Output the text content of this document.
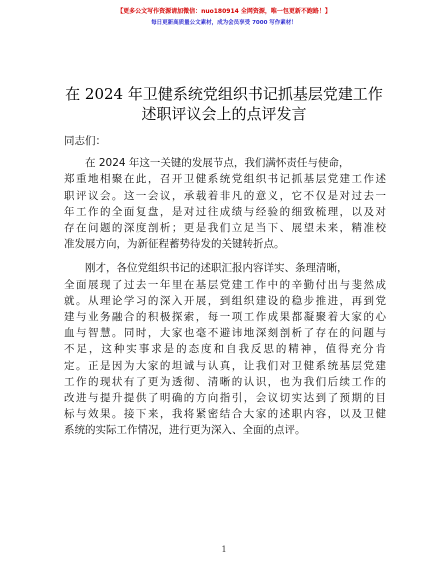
【更多公文写作资源请加微信：nuo180914 全网资源，唯一包更新不跑路！】
每日更新高质量公文素材，成为会员享受 7000 写作素材！
在 2024 年卫健系统党组织书记抓基层党建工作
述职评议会上的点评发言
同志们：
在 2024 年这一关键的发展节点，我们满怀责任与使命，
郑重地相聚在此，召开卫健系统党组织书记抓基层党建工作述
职评议会。这一会议，承载着非凡的意义，它不仅是对过去一
年工作的全面复盘，是对过往成绩与经验的细致梳理，以及对
存在问题的深度剖析；更是我们立足当下、展望未来，精准校
准发展方向，为新征程蓄势待发的关键转折点。
刚才，各位党组织书记的述职汇报内容详实、条理清晰，
全面展现了过去一年里在基层党建工作中的辛勤付出与斐然成
就。从理论学习的深入开展，到组织建设的稳步推进，再到党
建与业务融合的积极探索，每一项工作成果都凝聚着大家的心
血与智慧。同时，大家也毫不避讳地深刻剖析了存在的问题与
不足，这种实事求是的态度和自我反思的精神，值得充分肯
定。正是因为大家的坦诚与认真，让我们对卫健系统基层党建
工作的现状有了更为透彻、清晰的认识，也为我们后续工作的
改进与提升提供了明确的方向指引，会议切实达到了预期的目
标与效果。接下来，我将紧密结合大家的述职内容，以及卫健
系统的实际工作情况，进行更为深入、全面的点评。
1
